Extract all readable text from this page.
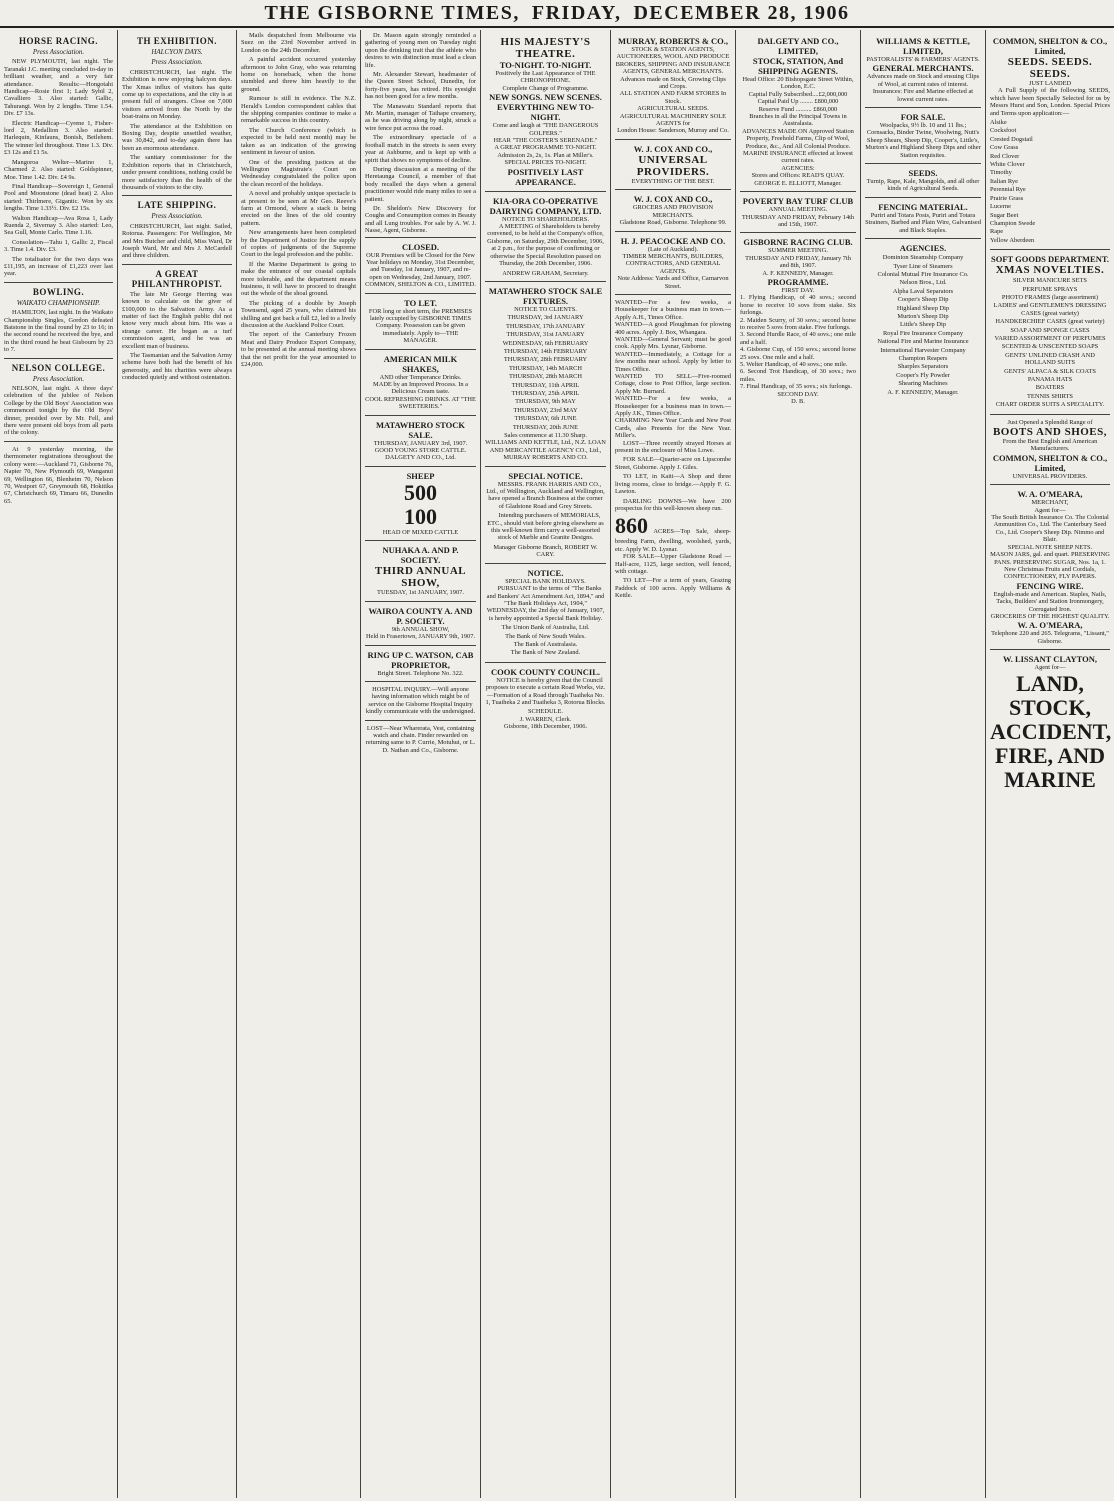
THE GISBORNE TIMES, FRIDAY, DECEMBER 28, 1906
HORSE RACING.
Press Association.

NEW PLYMOUTH, last night. The Taranaki J.C. meeting concluded to-day in brilliant weather, and a very fair attendance. Results:—Hongotahi Handicap—Rosie first 1; Lady Sybil 2, Cavalliero 3. Also started: Gallic, Tahurangi. Won by 2 lengths. Time 1.54. Div. £7 13s.

Electric Handicap—Cyrene 1, Fisher-lord 2, Medallion 3. Also started: Harlequin, Kinfauns, Bonish, Betlehem. The winner led throughout. Time 1.3. Div. £3 12s and £1 5s.

Mangoroa Welter—Marino 1, Charmed 2. Also started: Goldspinner, Moe. Time 1.42. Div. £4 9s.

Final Handicap—Sovereign 1, General Pool and Moonstone (dead heat) 2. Also started: Thirlmere, Gigantic. Won by six lengths. Time 1.33½. Div. £2 15s.

Walton Handicap—Ava Rosa 1, Lady Ruenda 2, Sivernay 3. Also started: Leo, Sea Gull, Monte Carlo. Time 1.16.

Consolation—Tahu 1, Gallic 2, Fiscal 3. Time 1.4. Div. £3.

The totalisator for the two days was £11,195, an increase of £1,223 over last year.

BOWLING.
WAIKATO CHAMPIONSHIP.

HAMILTON, last night. In the Waikato Championship Singles, Gordon defeated Batstone in the final round by 23 to 16; in the second round he received the bye, and in the third round he beat Gisbourn by 23 to 7.

NELSON COLLEGE.
Press Association.

NELSON, last night. A three days' celebration of the jubilee of Nelson College by the Old Boys' Association was commenced tonight by the Old Boys' dinner, presided over by Mr. Fell, and there were present old boys from all parts of the colony.

At 9 yesterday morning, the thermometer registrations throughout the colony were:—Auckland 71, Gisborne 76, Napier 70, New Plymouth 69, Wanganui 69, Wellington 66, Blenheim 70, Nelson 70, Westport 67, Greymouth 68, Hokitika 67, Christchurch 69, Timaru 66, Dunedin 65.

TH EXHIBITION.
HALCYON DAYS.
Press Association.

CHRISTCHURCH, last night. The Exhibition is now enjoying halcyon days. The Xmas influx of visitors has quite come up to expectations, and the city is at present full of strangers. Close on 7,000 visitors arrived from the North by the boat-trains on Monday.

The attendance at the Exhibition on Boxing Day, despite unsettled weather, was 30,842, and to-day again there has been an enormous attendance.

The sanitary commissioner for the Exhibition reports that in Christchurch, under present conditions, nothing could be more satisfactory than the health of the thousands of visitors to the city.

LATE SHIPPING.
Press Association.

CHRISTCHURCH, last night. Sailed, Rotorua. Passengers: For Wellington, Mr and Mrs Butcher and child, Miss Ward, Dr Joseph Ward, Mr and Mrs J. McCardell and three children.

A GREAT PHILANTHROPIST.

The late Mr George Herring was known to calculate on the giver of £100,000 to the Salvation Army. As a matter of fact the English public did not know very much about him. His was a strange career. He began as a turf commission agent, and he was an excellent man of business.

The Tasmanian and the Salvation Army scheme have both had the benefit of his generosity, and his charities were always conducted quietly and without ostentation.

Mails despatched from Melbourne via Suez on the 23rd November arrived in London on the 24th December.

A painful accident occurred yesterday afternoon to John Gray, who was returning home on horseback, when the horse stumbled and threw him heavily to the ground.

Rumour is still in evidence. The N.Z. Herald's London correspondent cables that the shipping companies continue to make a remarkable success in this country.

The Church Conference (which is expected to be held next month) may be taken as an indication of the growing sentiment in favour of union.

One of the presiding justices at the Wellington Magistrate's Court on Wednesday congratulated the police upon the clean record of the holidays.

A novel and probably unique spectacle is at present to be seen at Mr Geo. Reeve's farm at Ormond, where a stack is being erected on the lines of the old country pattern.

New arrangements have been completed by the Department of Justice for the supply of copies of judgments of the Supreme Court to the legal profession and the public.

If the Marine Department is going to make the entrance of our coastal capitals more tolerable, and the department means business, it will have to proceed to draught out the whole of the shoal ground.

The picking of a double by Joseph Townsend, aged 25 years, who claimed his shilling and got back a full £2, led to a lively discussion at the Auckland Police Court.

The report of the Canterbury Frozen Meat and Dairy Produce Export Company, to be presented at the annual meeting shows that the net profit for the year amounted to £24,000.

Dr. Mason again strongly reminded a gathering of young men on Tuesday night upon the drinking trait that the athlete who desires to win distinction must lead a clean life.

Mr. Alexander Stewart, headmaster of the Queen Street School, Dunedin, for forty-five years, has retired. His eyesight has not been good for a few months.

The Manawatu Standard reports that Mr. Martin, manager of Taihape creamery, as he was driving along by night, struck a wire fence put across the road.

The extraordinary spectacle of a football match in the streets is seen every year at Ashburne, and is kept up with a spirit that shows no symptoms of decline.

During discussion at a meeting of the Heretaunga Council, a member of that body recalled the days when a general practitioner would ride many miles to see a patient.

Dr. Sheldon's New Discovery for Coughs and Consumption comes in Beauty and all Lung troubles. For sale by A. W. J. Nasse, Agent, Gisborne.

CLOSED.
OUR Premises will be Closed for the New Year holidays on Monday, 31st December, and Tuesday, 1st January, 1907, and re-open on Wednesday, 2nd January, 1907.
COMMON, SHELTON & CO., LIMITED.
TO LET.
FOR long or short term, the PREMISES lately occupied by GISBORNE TIMES Company. Possession can be given immediately. Apply to—THE MANAGER.
AMERICAN MILK SHAKES,
AND other Temperance Drinks.
MADE by an Improved Process. In a Delicious Cream taste.
COOL REFRESHING DRINKS. AT "THE SWEETERIES."
MATAWHERO STOCK SALE.
THURSDAY, JANUARY 3rd, 1907.
GOOD YOUNG STORE CATTLE.
DALGETY AND CO., Ltd.
SHEEP
500
100
HEAD OF MIXED CATTLE
NUHAKA A. AND P. SOCIETY.
THIRD ANNUAL SHOW,
TUESDAY, 1st JANUARY, 1907.
WAIROA COUNTY A. AND P. SOCIETY.
9th ANNUAL SHOW,
Held in Frasertown, JANUARY 9th, 1907.
RING UP C. WATSON, CAB PROPRIETOR,
Bright Street. Telephone No. 322.
HOSPITAL INQUIRY.—Will anyone having information which might be of service on the Gisborne Hospital Inquiry kindly communicate with the undersigned.
LOST—Near Wharerata, Vest, containing watch and chain. Finder rewarded on returning same to P. Currie, Motuhui, or L. D. Nathan and Co., Gisborne.
HIS MAJESTY'S THEATRE.
TO-NIGHT. TO-NIGHT.
Positively the Last Appearance of THE CHRONOPHONE.
Complete Change of Programme.
NEW SONGS. NEW SCENES. EVERYTHING NEW TO-NIGHT.
Come and laugh at "THE DANGEROUS GOLFERS."
HEAR "THE COSTER'S SERENADE."
A GREAT PROGRAMME TO-NIGHT.
Admission 2s, 2s, 1s. Plan at Miller's.
SPECIAL PRICES TO-NIGHT.
POSITIVELY LAST APPEARANCE.
KIA-ORA CO-OPERATIVE DAIRYING COMPANY, LTD.
NOTICE TO SHAREHOLDERS.

A MEETING of Shareholders is hereby convened, to be held at the Company's office, Gisborne, on Saturday, 29th December, 1906, at 2 p.m., for the purpose of confirming or otherwise the Special Resolution passed on Thursday, the 20th December, 1906.

ANDREW GRAHAM, Secretary.
MATAWHERO STOCK SALE FIXTURES.
NOTICE TO CLIENTS.
THURSDAY, 3rd JANUARY
THURSDAY, 17th JANUARY
THURSDAY, 31st JANUARY
WEDNESDAY, 6th FEBRUARY
THURSDAY, 14th FEBRUARY
THURSDAY, 28th FEBRUARY
THURSDAY, 14th MARCH
THURSDAY, 28th MARCH
THURSDAY, 11th APRIL
THURSDAY, 25th APRIL
THURSDAY, 9th MAY
THURSDAY, 23rd MAY
THURSDAY, 6th JUNE
THURSDAY, 20th JUNE
Sales commence at 11.30 Sharp.
WILLIAMS AND KETTLE, Ltd., N.Z. LOAN AND MERCANTILE AGENCY CO., Ltd., MURRAY ROBERTS AND CO.
SPECIAL NOTICE.

MESSRS. FRANK HARRIS AND CO., Ltd., of Wellington, Auckland and Wellington, have opened a Branch Business at the corner of Gladstone Road and Grey Streets.

Intending purchasers of MEMORIALS, ETC., should visit before giving elsewhere as this well-known firm carry a well-assorted stock of Marble and Granite Designs.

Manager Gisborne Branch, ROBERT W. CARY.
NOTICE.
SPECIAL BANK HOLIDAYS.

PURSUANT to the terms of "The Banks and Bankers' Act Amendment Act, 1894," and "The Bank Holidays Act, 1904," WEDNESDAY, the 2nd day of January, 1907, is hereby appointed a Special Bank Holiday.

The Union Bank of Australia, Ltd.
The Bank of New South Wales.
The Bank of Australasia.
The Bank of New Zealand.
COOK COUNTY COUNCIL.

NOTICE is hereby given that the Council proposes to execute a certain Road Works, viz.—Formation of a Road through Tuaiheka No. 1, Tuaiheka 2 and Tuaiheka 3, Rotorua Blocks.

SCHEDULE.
J. WARREN, Clerk.
Gisborne, 18th December, 1906.
MURRAY, ROBERTS & CO.,
STOCK & STATION AGENTS,
AUCTIONEERS, WOOL AND PRODUCE BROKERS, SHIPPING AND INSURANCE AGENTS, GENERAL MERCHANTS.
Advances made on Stock, Growing Clips and Crops.
ALL STATION AND FARM STORES In Stock.
AGRICULTURAL SEEDS.
AGRICULTURAL MACHINERY SOLE AGENTS for
London House: Sanderson, Murray and Co.
W. J. COX AND CO.,
UNIVERSAL PROVIDERS.
EVERYTHING OF THE BEST.
W. J. COX AND CO.,
GROCERS AND PROVISION MERCHANTS.
Gladstone Road, Gisborne. Telephone 99.
H. J. PEACOCKE AND CO.
(Late of Auckland).
TIMBER MERCHANTS, BUILDERS, CONTRACTORS, AND GENERAL AGENTS.
Note Address: Yards and Office, Carnarvon Street.
WANTED—For a few weeks, a Housekeeper for a business man in town.—Apply A.H., Times Office.
WANTED—A good Ploughman for plowing 400 acres. Apply J. Box, Whangara.
WANTED—General Servant; must be good cook. Apply Mrs. Lysnar, Gisborne.
WANTED—Immediately, a Cottage for a few months near school. Apply by letter to Times Office.
WANTED TO SELL—Five-roomed Cottage, close to Post Office, large section. Apply Mr. Burnard.
WANTED—For a few weeks, a Housekeeper for a business man in town.—Apply J.K., Times Office.
CHARMING New Year Cards and New Post Cards, also Presents for the New Year. Miller's.

LOST—Three recently strayed Horses at present in the enclosure of Miss Lowe.

FOR SALE—Quarter-acre on Lipscombe Street, Gisborne. Apply J. Giles.

TO LET, in Kaiti—A Shop and three living rooms, close to bridge.—Apply F. G. Lawton.

DARLING DOWNS—We have 200 prospectus for this well-known sheep run.

860 ACRES—Top Sale, sheep-breeding Farm, dwelling, woolshed, yards, etc. Apply W. D. Lysnar.

FOR SALE—Upper Gladstone Road —Half-acre, 1125, large section, well fenced, with cottage.

TO LET—For a term of years, Grazing Paddock of 100 acres. Apply Williams & Kettle.

DALGETY AND CO., LIMITED,
STOCK, STATION, And SHIPPING AGENTS.
Head Office: 20 Bishopsgate Street Within, London, E.C.
Capital Fully Subscribed....£2,000,000
Capital Paid Up ........ £800,000
Reserve Fund .......... £860,000
Branches in all the Principal Towns in Australasia.
ADVANCES MADE ON Approved Station Property, Freehold Farms, Clip of Wool, Produce, &c., And All Colonial Produce.
MARINE INSURANCE effected at lowest current rates.
AGENCIES:
Stores and Offices: READ'S QUAY.
GEORGE E. ELLIOTT, Manager.
POVERTY BAY TURF CLUB
ANNUAL MEETING.
THURSDAY AND FRIDAY, February 14th and 15th, 1907.
GISBORNE RACING CLUB.
SUMMER MEETING.
THURSDAY AND FRIDAY, January 7th and 8th, 1907.
A. F. KENNEDY, Manager.
PROGRAMME.
FIRST DAY.
1. Flying Handicap, of 40 sovs.; second horse to receive 10 sovs from stake. Six furlongs.
2. Maiden Scurry, of 30 sovs.; second horse to receive 5 sovs from stake. Five furlongs.
3. Second Hurdle Race, of 40 sovs.; one mile and a half.
4. Gisborne Cup, of 150 sovs.; second horse 25 sovs. One mile and a half.
5. Welter Handicap, of 40 sovs.; one mile.
6. Second Trot Handicap, of 30 sovs.; two miles.
7. Final Handicap, of 35 sovs.; six furlongs.
SECOND DAY.
D. B.
WILLIAMS & KETTLE, LIMITED,
PASTORALISTS' & FARMERS' AGENTS.
GENERAL MERCHANTS.
Advances made on Stock and ensuing Clips of Wool, at current rates of interest.
Insurances: Fire and Marine effected at lowest current rates.
FOR SALE.
Woolpacks, 9½ lb. 10 and 11 lbs.; Cornsacks, Binder Twine, Woolwing, Nutt's Sheep Shears, Sheep Dip, Cooper's, Little's, Murton's and Highland Sheep Dips and other Station requisites.
SEEDS.
Turnip, Rape, Kale, Mangolds, and all other kinds of Agricultural Seeds.
FENCING MATERIAL.
Puriri and Totara Posts, Puriri and Totara Strainers, Barbed and Plain Wire, Galvanised and Black Staples.
AGENCIES.
Dominion Steamship Company
Tyser Line of Steamers
Colonial Mutual Fire Insurance Co.
Nelson Bros., Ltd.
Alpha Laval Separators
Cooper's Sheep Dip
Highland Sheep Dip
Murton's Sheep Dip
Little's Sheep Dip
Royal Fire Insurance Company
National Fire and Marine Insurance
International Harvester Company
Champion Reapers
Sharples Separators
Cooper's Fly Powder
Shearing Machines
A. F. KENNEDY, Manager.
COMMON, SHELTON & CO., Limited,
SEEDS. SEEDS. SEEDS.
JUST LANDED

A Full Supply of the following SEEDS, which have been Specially Selected for us by Messrs Hurst and Son, London. Special Prices and Terms upon application:—

Alsike
Cocksfoot
Crested Dogstail
Cow Grass
Red Clover
White Clover
Timothy
Italian Rye
Perennial Rye
Prairie Grass
Lucerne
Sugar Beet
Champion Swede
Rape
Yellow Aberdeen
SOFT GOODS DEPARTMENT.
XMAS NOVELTIES.
SILVER MANICURE SETS
PERFUME SPRAYS
PHOTO FRAMES (large assortment)
LADIES' and GENTLEMEN'S DRESSING CASES (great variety)
HANDKERCHIEF CASES (great variety)
SOAP AND SPONGE CASES
VARIED ASSORTMENT OF PERFUMES
SCENTED & UNSCENTED SOAPS
GENTS' UNLINED CRASH AND HOLLAND SUITS
GENTS' ALPACA & SILK COATS
PANAMA HATS
BOATERS
TENNIS SHIRTS
CHART ORDER SUITS A SPECIALITY.
Just Opened a Splendid Range of
BOOTS AND SHOES,
From the Best English and American Manufacturers.
COMMON, SHELTON & CO., Limited,
UNIVERSAL PROVIDERS.
W. A. O'MEARA,
MERCHANT,
Agent for—
The South British Insurance Co. The Colonial Ammunition Co., Ltd. The Canterbury Seed Co., Ltd. Cooper's Sheep Dip. Nimmo and Blair.
SPECIAL NOTE SHEEP NETS.
MASON JARS, gal. and quart. PRESERVING PANS. PRESERVING SUGAR, Nos. 1a, 1.
New Christmas Fruits and Cordials, CONFECTIONERY, FLY PAPERS.
FENCING WIRE.
English-made and American. Staples, Nails, Tacks, Builders' and Station Ironmongery, Corrugated Iron.
GROCERIES OF THE HIGHEST QUALITY.
W. A. O'MEARA,
Telephone 220 and 265. Telegrams, "Lissant," Gisborne.
W. LISSANT CLAYTON,
Agent for—
LAND,
STOCK,
ACCIDENT,
FIRE, AND
MARINE
